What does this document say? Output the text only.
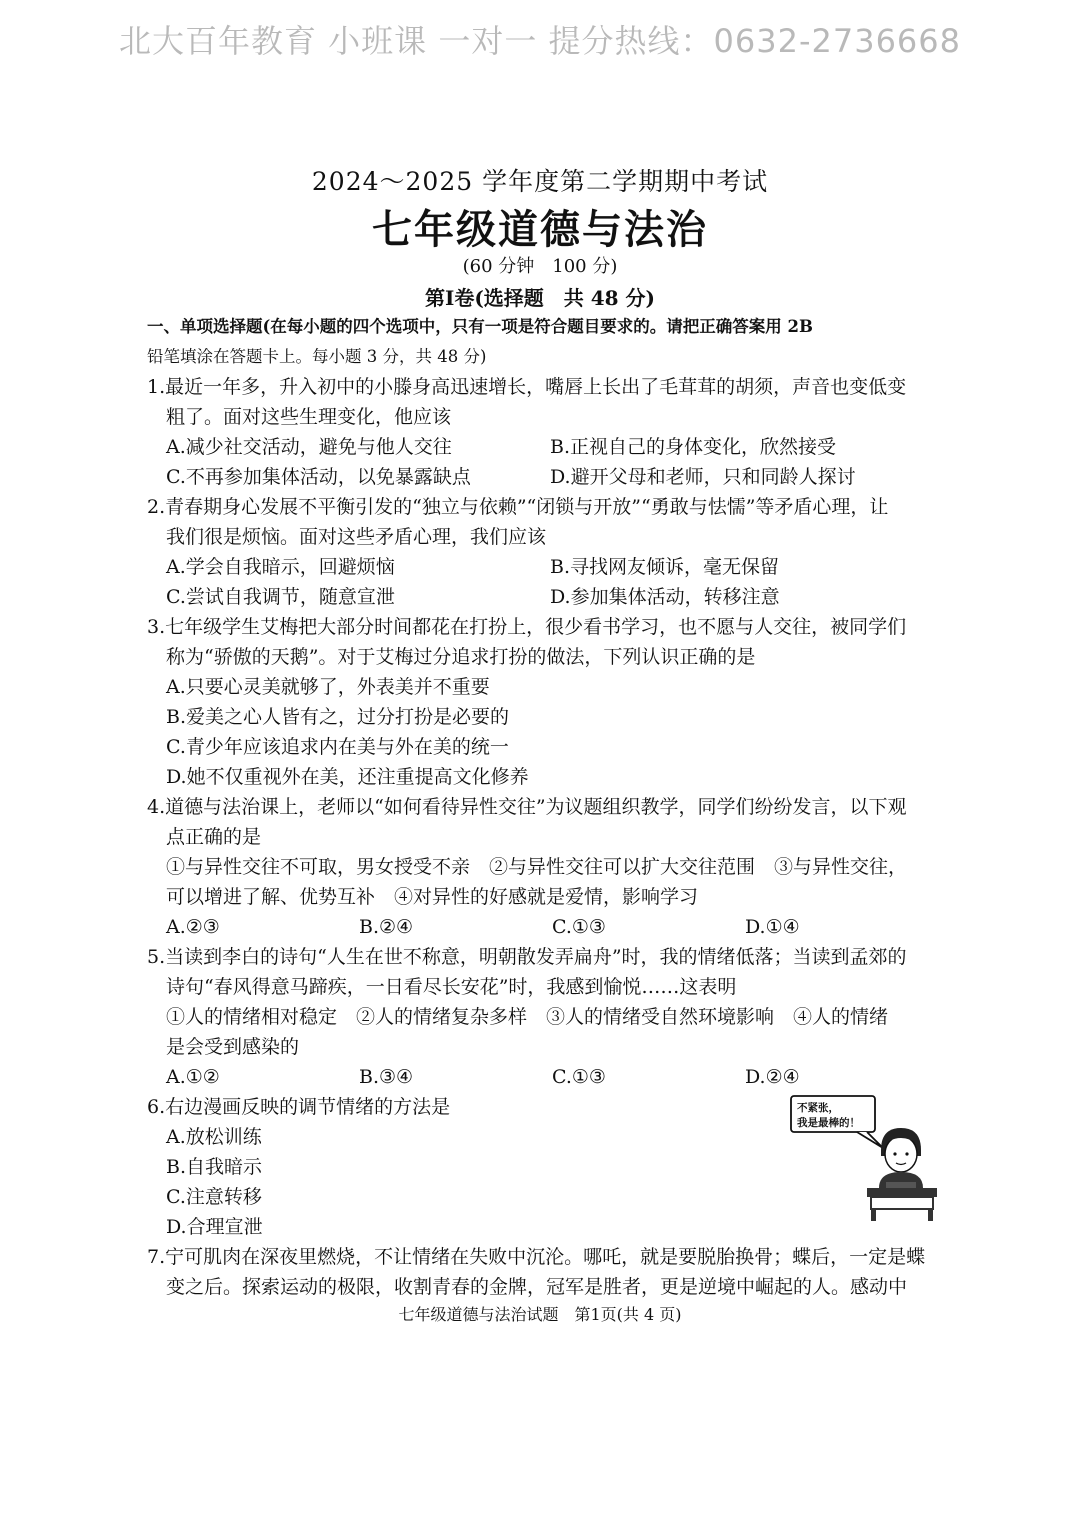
北大百年教育 小班课 一对一 提分热线：0632-2736668
2024～2025 学年度第二学期期中考试
七年级道德与法治
(60 分钟　100 分)
第Ⅰ卷(选择题　共 48 分)
一、单项选择题(在每小题的四个选项中，只有一项是符合题目要求的。请把正确答案用 2B
铅笔填涂在答题卡上。每小题 3 分，共 48 分)
1.最近一年多，升入初中的小滕身高迅速增长，嘴唇上长出了毛茸茸的胡须，声音也变低变
粗了。面对这些生理变化，他应该
A.减少社交活动，避免与他人交往	B.正视自己的身体变化，欣然接受
C.不再参加集体活动，以免暴露缺点	D.避开父母和老师，只和同龄人探讨
2.青春期身心发展不平衡引发的“独立与依赖”“闭锁与开放”“勇敢与怯懦”等矛盾心理，让
我们很是烦恼。面对这些矛盾心理，我们应该
A.学会自我暗示，回避烦恼	B.寻找网友倾诉，毫无保留
C.尝试自我调节，随意宣泄	D.参加集体活动，转移注意
3.七年级学生艾梅把大部分时间都花在打扮上，很少看书学习，也不愿与人交往，被同学们
称为“骄傲的天鹅”。对于艾梅过分追求打扮的做法，下列认识正确的是
A.只要心灵美就够了，外表美并不重要
B.爱美之心人皆有之，过分打扮是必要的
C.青少年应该追求内在美与外在美的统一
D.她不仅重视外在美，还注重提高文化修养
4.道德与法治课上，老师以“如何看待异性交往”为议题组织教学，同学们纷纷发言，以下观
点正确的是
①与异性交往不可取，男女授受不亲　②与异性交往可以扩大交往范围　③与异性交往，
可以增进了解、优势互补　④对异性的好感就是爱情，影响学习
A.②③	B.②④	C.①③	D.①④
5.当读到李白的诗句“人生在世不称意，明朝散发弄扁舟”时，我的情绪低落；当读到孟郊的
诗句“春风得意马蹄疾，一日看尽长安花”时，我感到愉悦……这表明
①人的情绪相对稳定　②人的情绪复杂多样　③人的情绪受自然环境影响　④人的情绪
是会受到感染的
A.①②	B.③④	C.①③	D.②④
6.右边漫画反映的调节情绪的方法是
A.放松训练
B.自我暗示
C.注意转移
D.合理宣泄
不紧张，
我是最棒的！
7.宁可肌肉在深夜里燃烧，不让情绪在失败中沉沦。哪吒，就是要脱胎换骨；蝶后，一定是蝶
变之后。探索运动的极限，收割青春的金牌，冠军是胜者，更是逆境中崛起的人。感动中
七年级道德与法治试题　第1页(共 4 页)
